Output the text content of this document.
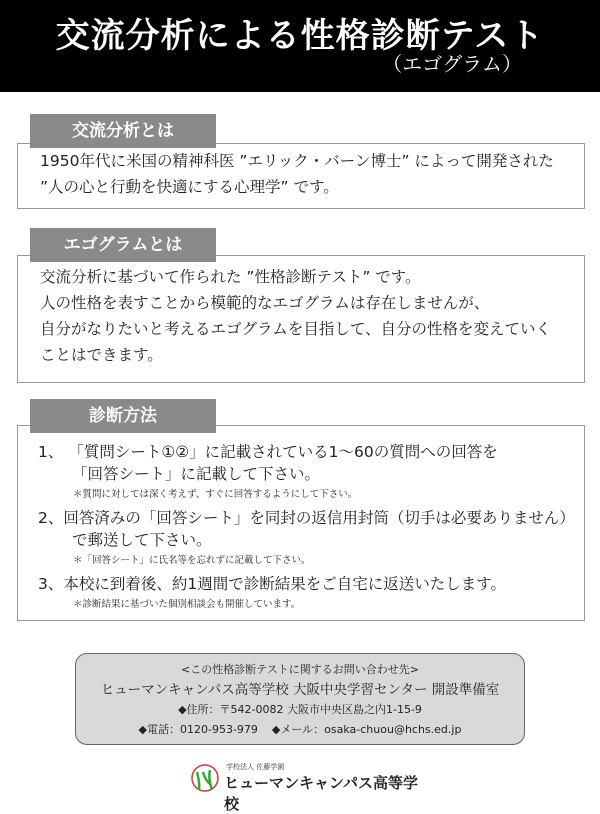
交流分析による性格診断テスト
（エゴグラム）
交流分析とは
1950年代に米国の精神科医 ”エリック・バーン博士” によって開発された
”人の心と行動を快適にする心理学” です。
エゴグラムとは
交流分析に基づいて作られた ”性格診断テスト” です。
人の性格を表すことから模範的なエゴグラムは存在しませんが、
自分がなりたいと考えるエゴグラムを目指して、自分の性格を変えていく
ことはできます。
診断方法
1、 「質問シート①②」に記載されている1～60の質問への回答を
「回答シート」に記載して下さい。
＊質問に対しては深く考えず、すぐに回答するようにして下さい。
2、回答済みの「回答シート」を同封の返信用封筒（切手は必要ありません）
で郵送して下さい。
＊「回答シート」に氏名等を忘れずに記載して下さい。
3、本校に到着後、約1週間で診断結果をご自宅に返送いたします。
＊診断結果に基づいた個別相談会も開催しています。
<この性格診断テストに関するお問い合わせ先>
ヒューマンキャンパス高等学校 大阪中央学習センター 開設準備室
◆住所：〒542-0082 大阪市中央区島之内1-15-9
◆電話：0120-953-979 ◆メール：osaka-chuou@hchs.ed.jp
学校法人 佐藤学園
ヒューマンキャンパス高等学校
